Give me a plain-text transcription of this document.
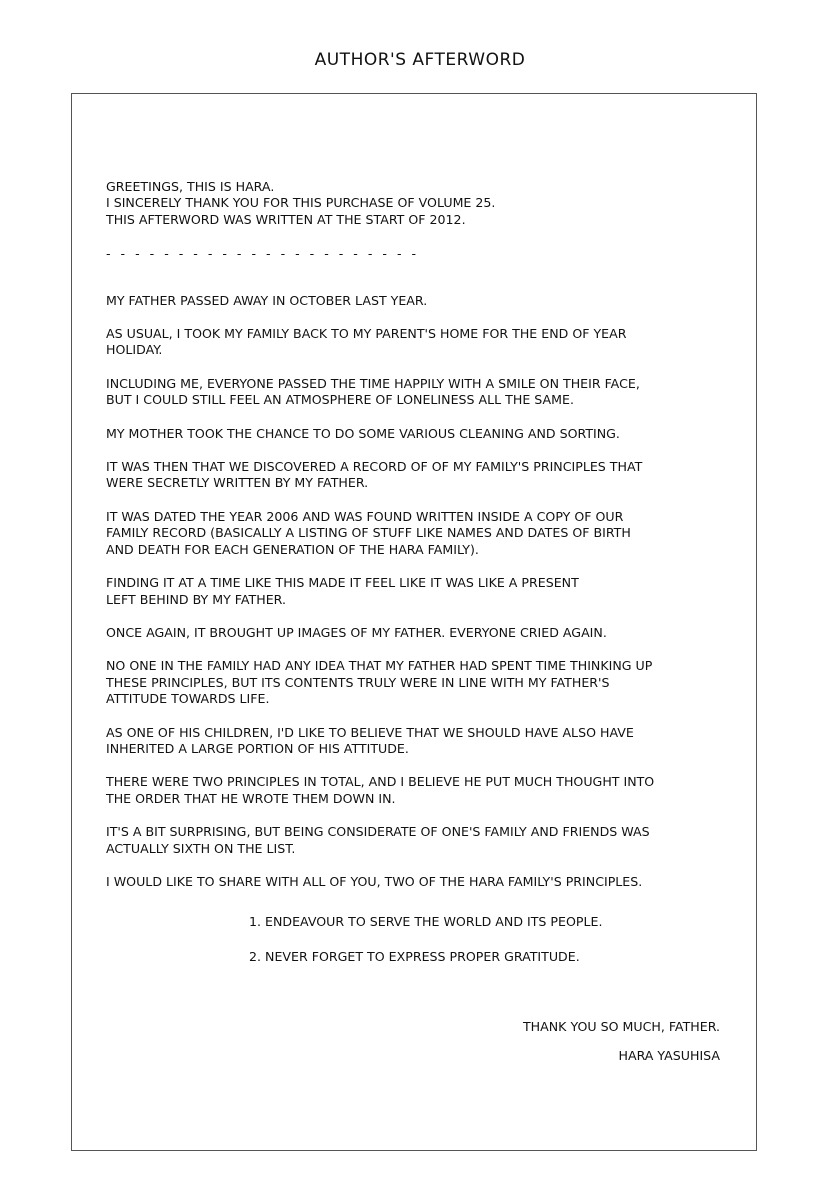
AUTHOR'S AFTERWORD

GREETINGS, THIS IS HARA.
I SINCERELY THANK YOU FOR THIS PURCHASE OF VOLUME 25.
THIS AFTERWORD WAS WRITTEN AT THE START OF 2012.

- - - - - - - - - - - - - - - - - - - - - -

MY FATHER PASSED AWAY IN OCTOBER LAST YEAR.

AS USUAL, I TOOK MY FAMILY BACK TO MY PARENT'S HOME FOR THE END OF YEAR
HOLIDAY.

INCLUDING ME, EVERYONE PASSED THE TIME HAPPILY WITH A SMILE ON THEIR FACE,
BUT I COULD STILL FEEL AN ATMOSPHERE OF LONELINESS ALL THE SAME.

MY MOTHER TOOK THE CHANCE TO DO SOME VARIOUS CLEANING AND SORTING.

IT WAS THEN THAT WE DISCOVERED A RECORD OF OF MY FAMILY'S PRINCIPLES THAT
WERE SECRETLY WRITTEN BY MY FATHER.

IT WAS DATED THE YEAR 2006 AND WAS FOUND WRITTEN INSIDE A COPY OF OUR
FAMILY RECORD (BASICALLY A LISTING OF STUFF LIKE NAMES AND DATES OF BIRTH
AND DEATH FOR EACH GENERATION OF THE HARA FAMILY).

FINDING IT AT A TIME LIKE THIS MADE IT FEEL LIKE IT WAS LIKE A PRESENT
LEFT BEHIND BY MY FATHER.

ONCE AGAIN, IT BROUGHT UP IMAGES OF MY FATHER. EVERYONE CRIED AGAIN.

NO ONE IN THE FAMILY HAD ANY IDEA THAT MY FATHER HAD SPENT TIME THINKING UP
THESE PRINCIPLES, BUT ITS CONTENTS TRULY WERE IN LINE WITH MY FATHER'S
ATTITUDE TOWARDS LIFE.

AS ONE OF HIS CHILDREN, I'D LIKE TO BELIEVE THAT WE SHOULD HAVE ALSO HAVE
INHERITED A LARGE PORTION OF HIS ATTITUDE.

THERE WERE TWO PRINCIPLES IN TOTAL, AND I BELIEVE HE PUT MUCH THOUGHT INTO
THE ORDER THAT HE WROTE THEM DOWN IN.

IT'S A BIT SURPRISING, BUT BEING CONSIDERATE OF ONE'S FAMILY AND FRIENDS WAS
ACTUALLY SIXTH ON THE LIST.

I WOULD LIKE TO SHARE WITH ALL OF YOU, TWO OF THE HARA FAMILY'S PRINCIPLES.

1. ENDEAVOUR TO SERVE THE WORLD AND ITS PEOPLE.
2. NEVER FORGET TO EXPRESS PROPER GRATITUDE.
THANK YOU SO MUCH, FATHER.
HARA YASUHISA
